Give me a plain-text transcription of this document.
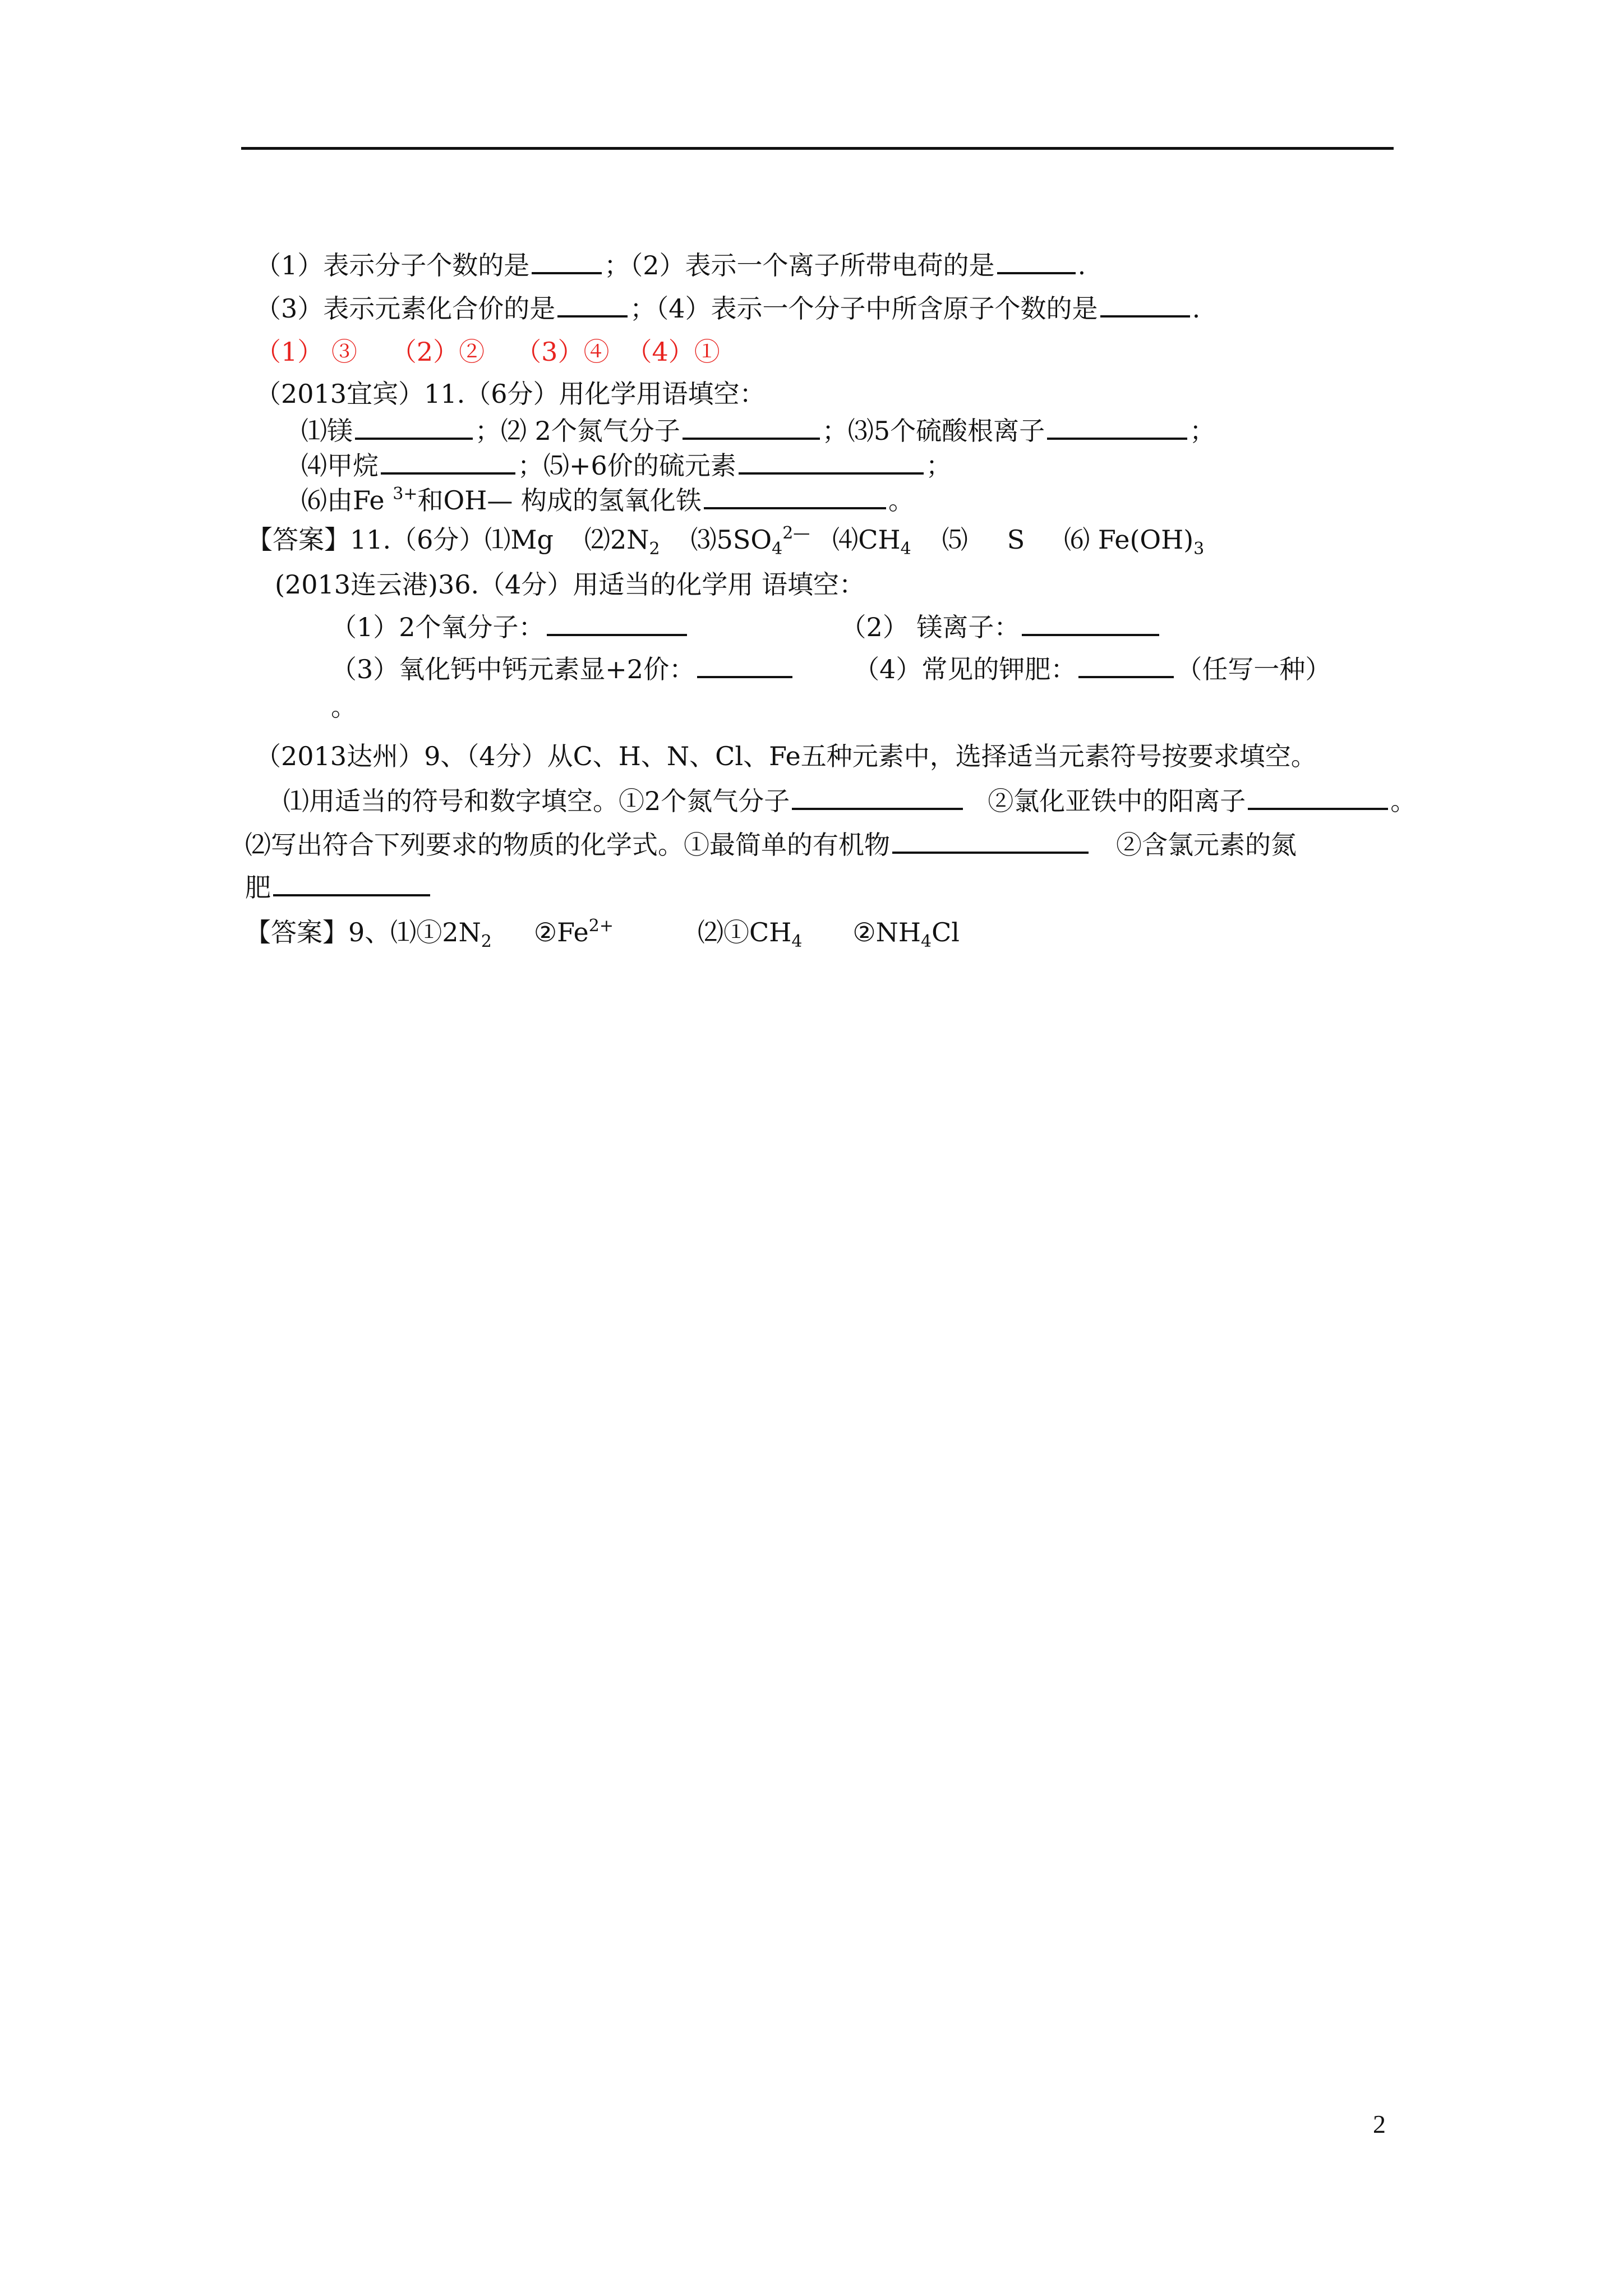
（1）表示分子个数的是	；（2）表示一个离子所带电荷的是	.
（3）表示元素化合价的是	；（4）表示一个分子中所含原子个数的是	.
（1） ③ （2）② （3）④ （4）①
（2013宜宾）11.（6分）用化学用语填空：
⑴镁	；⑵ 2个氮气分子	；⑶5个硫酸根离子	；
⑷甲烷	；⑸+6价的硫元素	；
⑹由Fe $^{3+}$和OH— 构成的氢氧化铁	。
【答案】11.（6分）⑴Mg $⑵2N_2$ $⑶5SO_4^{2—}$ $⑷CH_4$ ⑸ S ⑹ $Fe(OH)_3$
(2013连云港)36.（4分）用适当的化学用 语填空：
（1）2个氧分子：	（2） 镁离子：
（3）氧化钙中钙元素显+2价：	（4）常见的钾肥：	（任写一种）
。
（2013达州）9、（4分）从C、H、N、Cl、Fe五种元素中，选择适当元素符号按要求填空。
⑴用适当的符号和数字填空。①2个氮气分子	②氯化亚铁中的阳离子	。
⑵写出符合下列要求的物质的化学式。①最简单的有机物	②含氯元素的氮
肥
【答案】9、$⑴①2N_2$ $②Fe^{2+}$	$⑵①CH_4$ $②NH_4Cl$
2
